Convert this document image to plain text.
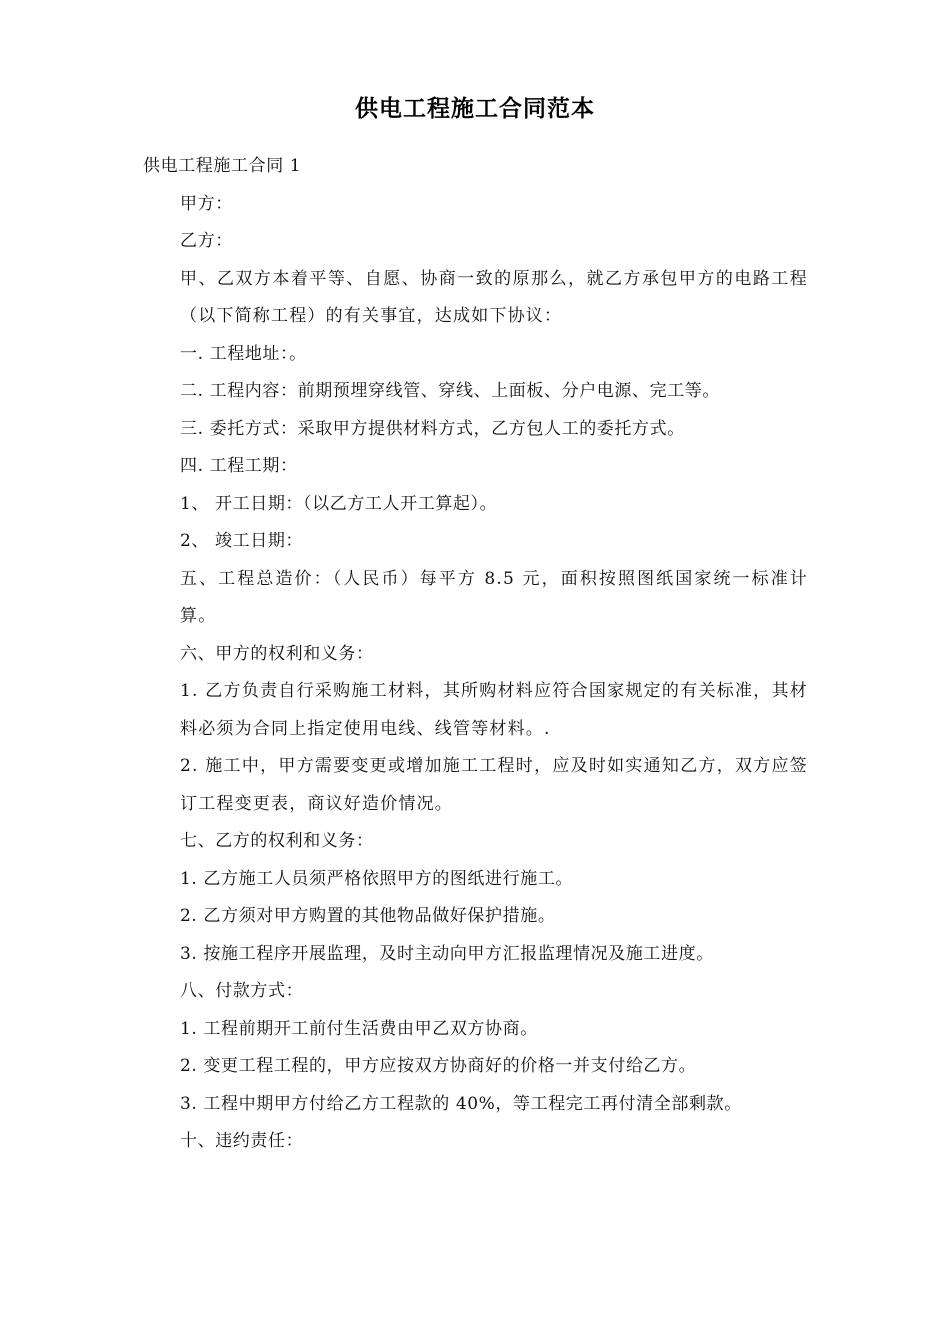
供电工程施工合同范本

供电工程施工合同 1

甲方：

乙方：

甲、乙双方本着平等、自愿、协商一致的原那么，就乙方承包甲方的电路工程（以下简称工程）的有关事宜，达成如下协议：

一. 工程地址：。

二. 工程内容：前期预埋穿线管、穿线、上面板、分户电源、完工等。

三. 委托方式：采取甲方提供材料方式，乙方包人工的委托方式。

四. 工程工期：

1、 开工日期：（以乙方工人开工算起）。

2、 竣工日期：

五、工程总造价：（人民币）每平方 8.5 元，面积按照图纸国家统一标准计 算。

六、甲方的权利和义务：

1. 乙方负责自行采购施工材料，其所购材料应符合国家规定的有关标准，其材料必须为合同上指定使用电线、线管等材料。.

2. 施工中，甲方需要变更或增加施工工程时，应及时如实通知乙方，双方应签订工程变更表，商议好造价情况。

七、乙方的权利和义务：

1. 乙方施工人员须严格依照甲方的图纸进行施工。

2. 乙方须对甲方购置的其他物品做好保护措施。

3. 按施工程序开展监理，及时主动向甲方汇报监理情况及施工进度。

八、付款方式：

1. 工程前期开工前付生活费由甲乙双方协商。

2. 变更工程工程的，甲方应按双方协商好的价格一并支付给乙方。

3. 工程中期甲方付给乙方工程款的 40%，等工程完工再付清全部剩款。

十、违约责任：
